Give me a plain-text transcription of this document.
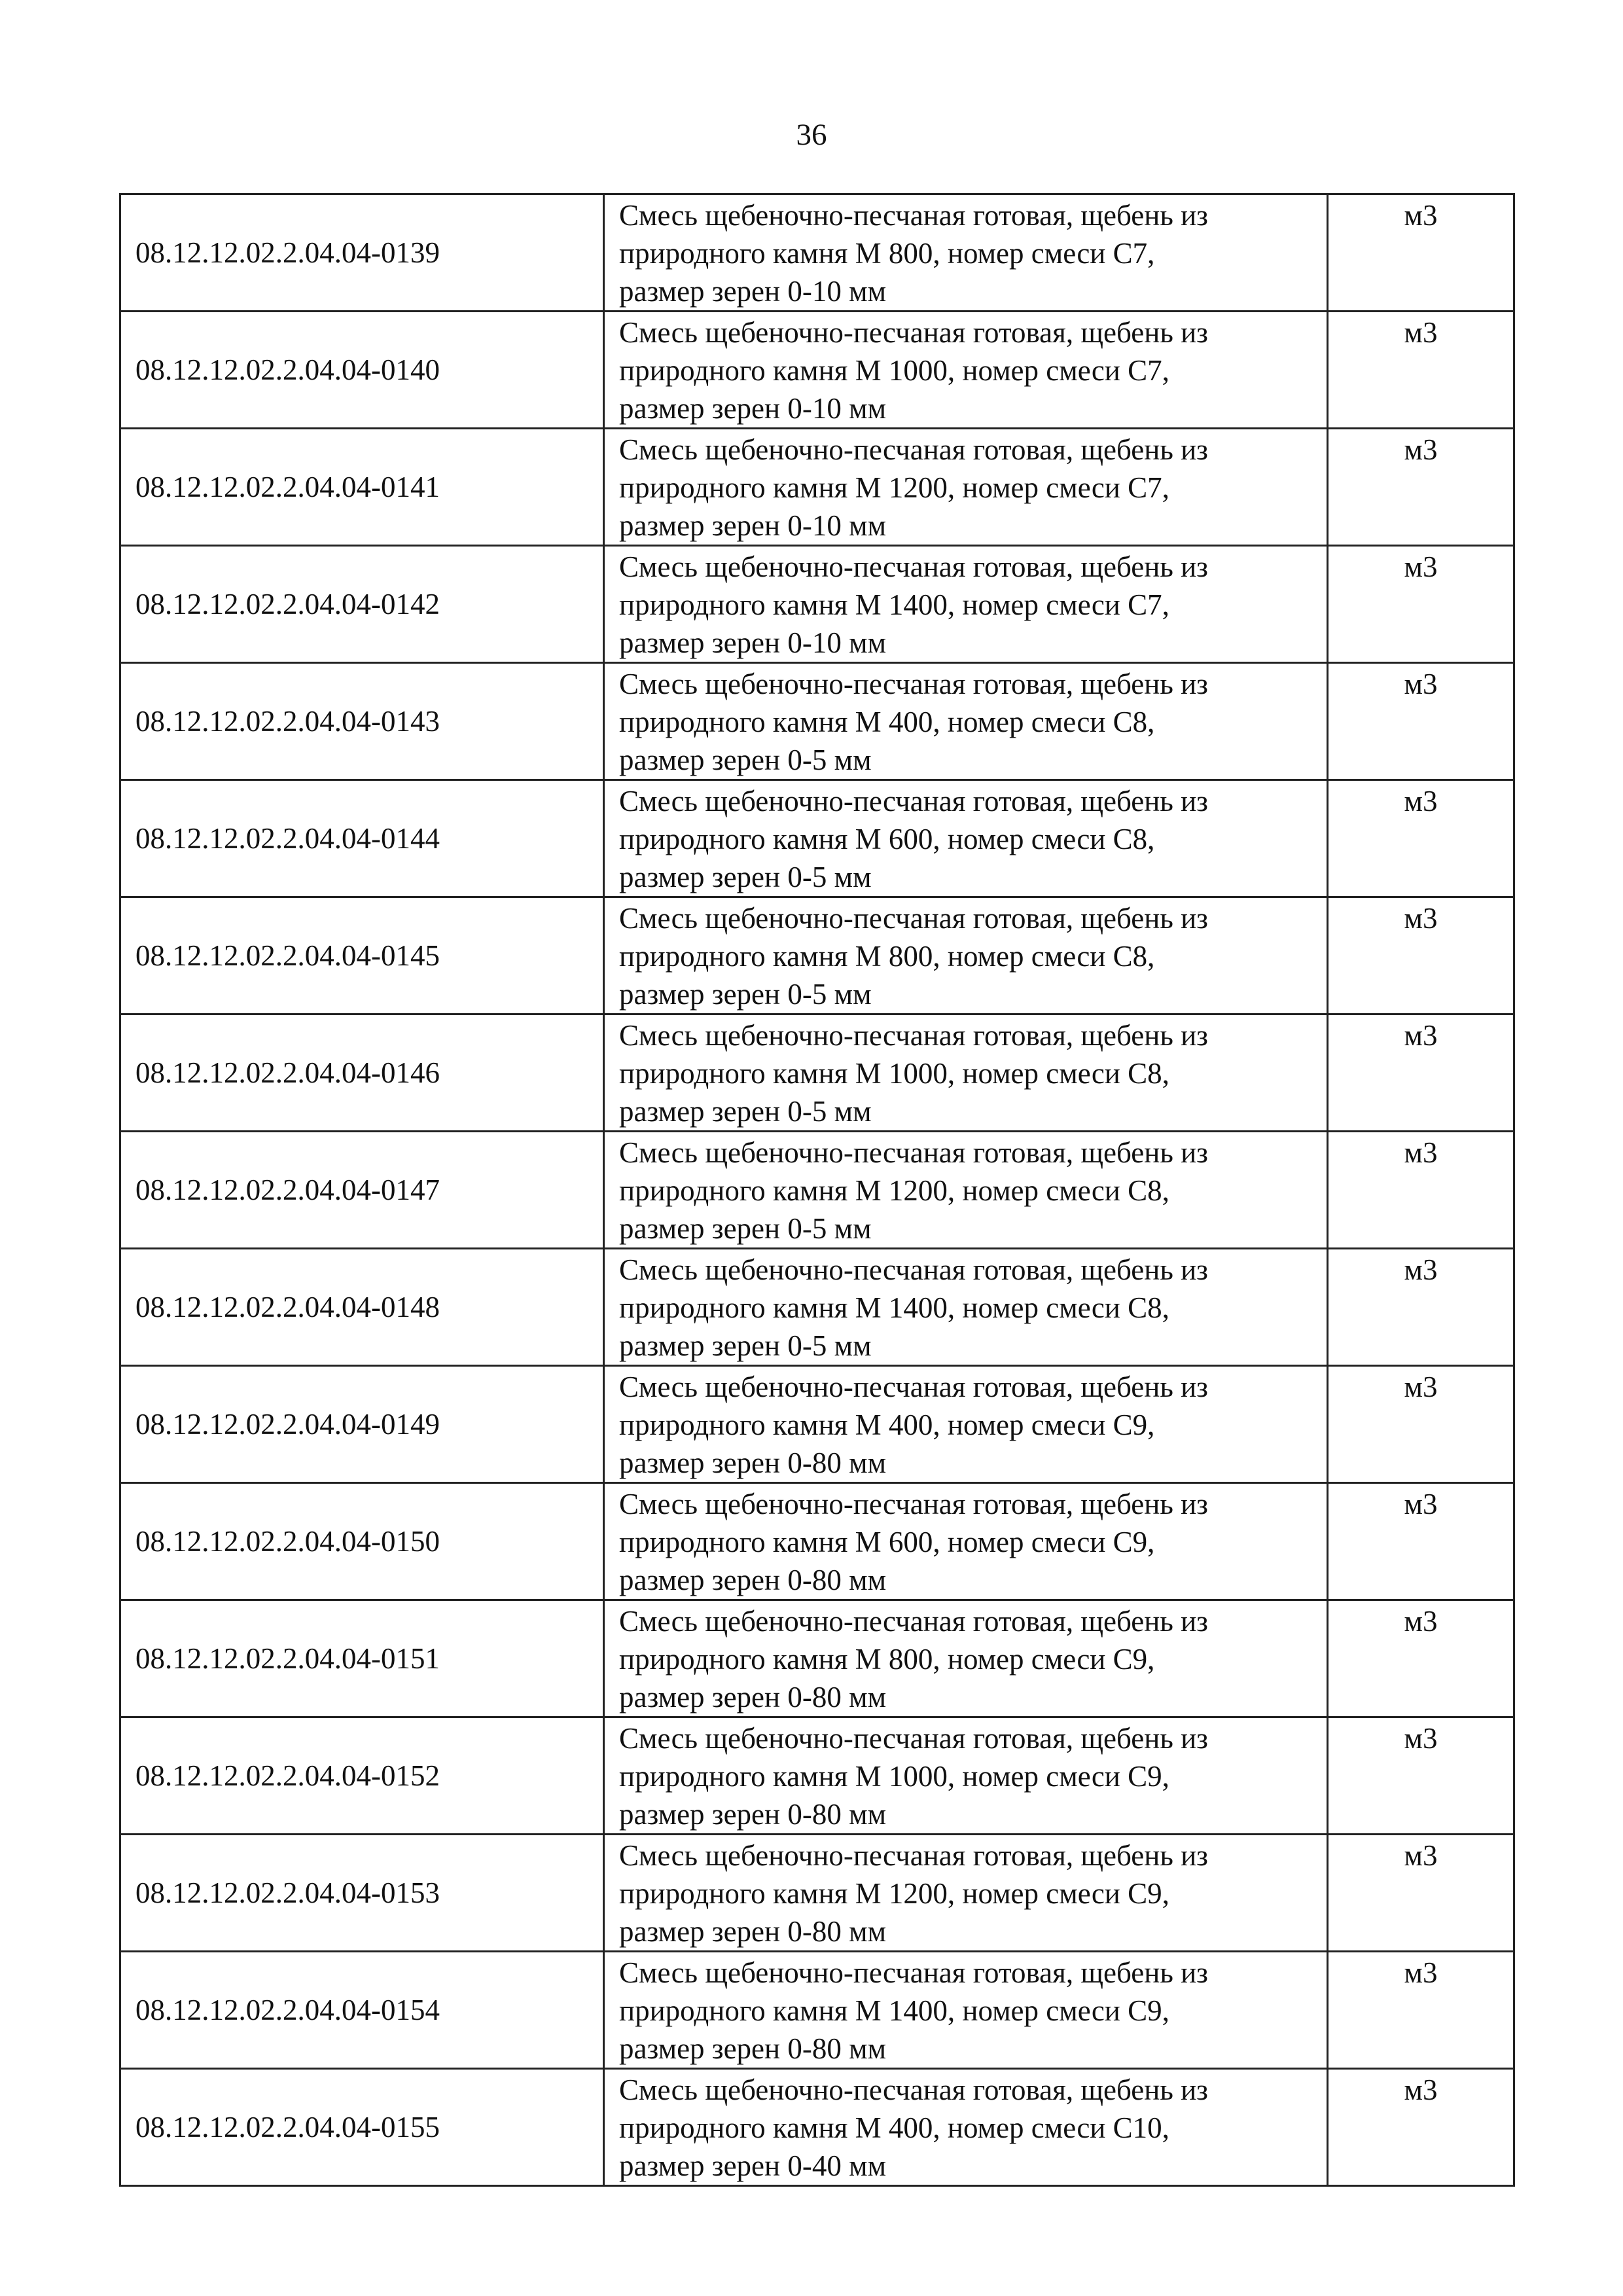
36
08.12.12.02.2.04.04-0139	Смесь щебеночно-песчаная готовая, щебень из
природного камня М 800, номер смеси С7,
размер зерен 0-10 мм	м3
08.12.12.02.2.04.04-0140	Смесь щебеночно-песчаная готовая, щебень из
природного камня М 1000, номер смеси С7,
размер зерен 0-10 мм	м3
08.12.12.02.2.04.04-0141	Смесь щебеночно-песчаная готовая, щебень из
природного камня М 1200, номер смеси С7,
размер зерен 0-10 мм	м3
08.12.12.02.2.04.04-0142	Смесь щебеночно-песчаная готовая, щебень из
природного камня М 1400, номер смеси С7,
размер зерен 0-10 мм	м3
08.12.12.02.2.04.04-0143	Смесь щебеночно-песчаная готовая, щебень из
природного камня М 400, номер смеси С8,
размер зерен 0-5 мм	м3
08.12.12.02.2.04.04-0144	Смесь щебеночно-песчаная готовая, щебень из
природного камня М 600, номер смеси С8,
размер зерен 0-5 мм	м3
08.12.12.02.2.04.04-0145	Смесь щебеночно-песчаная готовая, щебень из
природного камня М 800, номер смеси С8,
размер зерен 0-5 мм	м3
08.12.12.02.2.04.04-0146	Смесь щебеночно-песчаная готовая, щебень из
природного камня М 1000, номер смеси С8,
размер зерен 0-5 мм	м3
08.12.12.02.2.04.04-0147	Смесь щебеночно-песчаная готовая, щебень из
природного камня М 1200, номер смеси С8,
размер зерен 0-5 мм	м3
08.12.12.02.2.04.04-0148	Смесь щебеночно-песчаная готовая, щебень из
природного камня М 1400, номер смеси С8,
размер зерен 0-5 мм	м3
08.12.12.02.2.04.04-0149	Смесь щебеночно-песчаная готовая, щебень из
природного камня М 400, номер смеси С9,
размер зерен 0-80 мм	м3
08.12.12.02.2.04.04-0150	Смесь щебеночно-песчаная готовая, щебень из
природного камня М 600, номер смеси С9,
размер зерен 0-80 мм	м3
08.12.12.02.2.04.04-0151	Смесь щебеночно-песчаная готовая, щебень из
природного камня М 800, номер смеси С9,
размер зерен 0-80 мм	м3
08.12.12.02.2.04.04-0152	Смесь щебеночно-песчаная готовая, щебень из
природного камня М 1000, номер смеси С9,
размер зерен 0-80 мм	м3
08.12.12.02.2.04.04-0153	Смесь щебеночно-песчаная готовая, щебень из
природного камня М 1200, номер смеси С9,
размер зерен 0-80 мм	м3
08.12.12.02.2.04.04-0154	Смесь щебеночно-песчаная готовая, щебень из
природного камня М 1400, номер смеси С9,
размер зерен 0-80 мм	м3
08.12.12.02.2.04.04-0155	Смесь щебеночно-песчаная готовая, щебень из
природного камня М 400, номер смеси С10,
размер зерен 0-40 мм	м3
